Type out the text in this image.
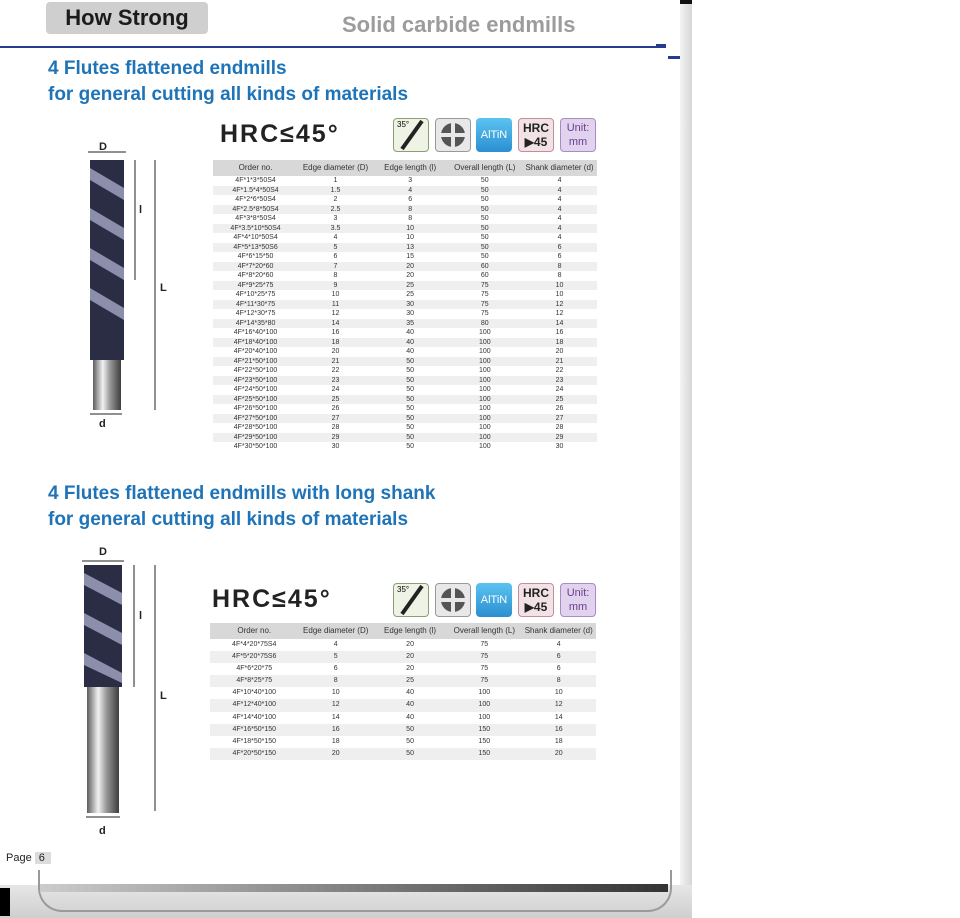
How Strong	Solid carbide endmills
4 Flutes flattened endmills
for general cutting all kinds of materials
D
d
l
L
HRC≤45°	35°
AlTiN	HRC
▶45
Unit:
mm
Order no.	Edge diameter (D)	Edge length (l)	Overall length (L)	Shank diameter (d)
4F*1*3*50S4	1	3	50	4
4F*1.5*4*50S4	1.5	4	50	4
4F*2*6*50S4	2	6	50	4
4F*2.5*8*50S4	2.5	8	50	4
4F*3*8*50S4	3	8	50	4
4F*3.5*10*50S4	3.5	10	50	4
4F*4*10*50S4	4	10	50	4
4F*5*13*50S6	5	13	50	6
4F*6*15*50	6	15	50	6
4F*7*20*60	7	20	60	8
4F*8*20*60	8	20	60	8
4F*9*25*75	9	25	75	10
4F*10*25*75	10	25	75	10
4F*11*30*75	11	30	75	12
4F*12*30*75	12	30	75	12
4F*14*35*80	14	35	80	14
4F*16*40*100	16	40	100	16
4F*18*40*100	18	40	100	18
4F*20*40*100	20	40	100	20
4F*21*50*100	21	50	100	21
4F*22*50*100	22	50	100	22
4F*23*50*100	23	50	100	23
4F*24*50*100	24	50	100	24
4F*25*50*100	25	50	100	25
4F*26*50*100	26	50	100	26
4F*27*50*100	27	50	100	27
4F*28*50*100	28	50	100	28
4F*29*50*100	29	50	100	29
4F*30*50*100	30	50	100	30
4 Flutes flattened endmills with long shank
for general cutting all kinds of materials
D
d
l
L
HRC≤45°	35°
AlTiN	HRC
▶45
Unit:
mm
Order no.	Edge diameter (D)	Edge length (l)	Overall length (L)	Shank diameter (d)
4F*4*20*75S4	4	20	75	4
4F*5*20*75S6	5	20	75	6
4F*6*20*75	6	20	75	6
4F*8*25*75	8	25	75	8
4F*10*40*100	10	40	100	10
4F*12*40*100	12	40	100	12
4F*14*40*100	14	40	100	14
4F*16*50*150	16	50	150	16
4F*18*50*150	18	50	150	18
4F*20*50*150	20	50	150	20
Page 6
